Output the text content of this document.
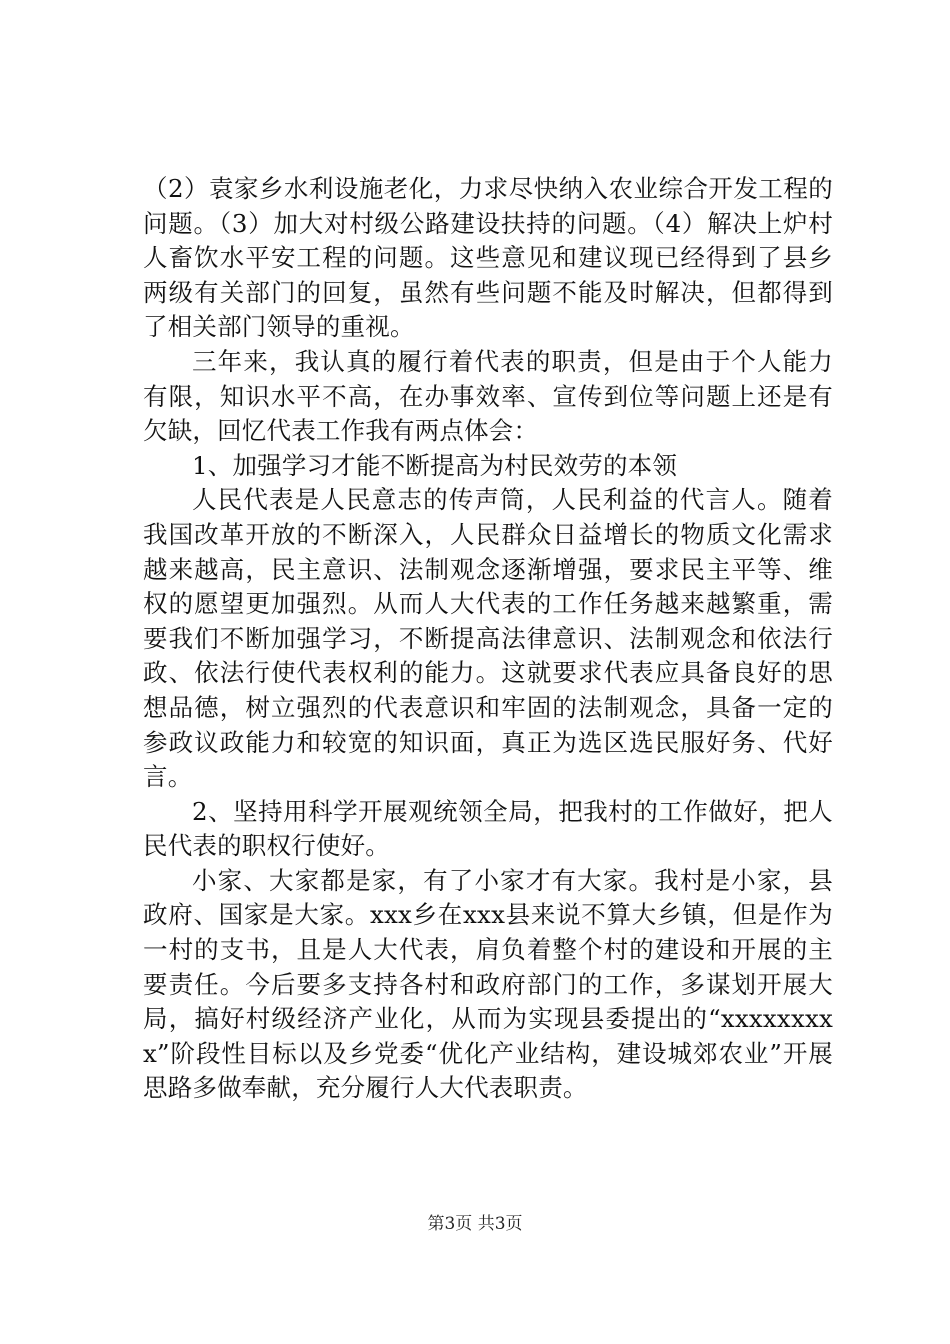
（2）袁家乡水利设施老化，力求尽快纳入农业综合开发工程的问题。（3）加大对村级公路建设扶持的问题。（4）解决上炉村人畜饮水平安工程的问题。这些意见和建议现已经得到了县乡两级有关部门的回复，虽然有些问题不能及时解决，但都得到了相关部门领导的重视。

三年来，我认真的履行着代表的职责，但是由于个人能力有限，知识水平不高，在办事效率、宣传到位等问题上还是有欠缺，回忆代表工作我有两点体会：

1、加强学习才能不断提高为村民效劳的本领

人民代表是人民意志的传声筒，人民利益的代言人。随着我国改革开放的不断深入，人民群众日益增长的物质文化需求越来越高，民主意识、法制观念逐渐增强，要求民主平等、维权的愿望更加强烈。从而人大代表的工作任务越来越繁重，需要我们不断加强学习，不断提高法律意识、法制观念和依法行政、依法行使代表权利的能力。这就要求代表应具备良好的思想品德，树立强烈的代表意识和牢固的法制观念，具备一定的参政议政能力和较宽的知识面，真正为选区选民服好务、代好言。

2、坚持用科学开展观统领全局，把我村的工作做好，把人民代表的职权行使好。

小家、大家都是家，有了小家才有大家。我村是小家，县政府、国家是大家。xxx乡在xxx县来说不算大乡镇，但是作为一村的支书，且是人大代表，肩负着整个村的建设和开展的主要责任。今后要多支持各村和政府部门的工作，多谋划开展大局，搞好村级经济产业化，从而为实现县委提出的“xxxxxxxxx”阶段性目标以及乡党委“优化产业结构，建设城郊农业”开展思路多做奉献，充分履行人大代表职责。

第3页 共3页
